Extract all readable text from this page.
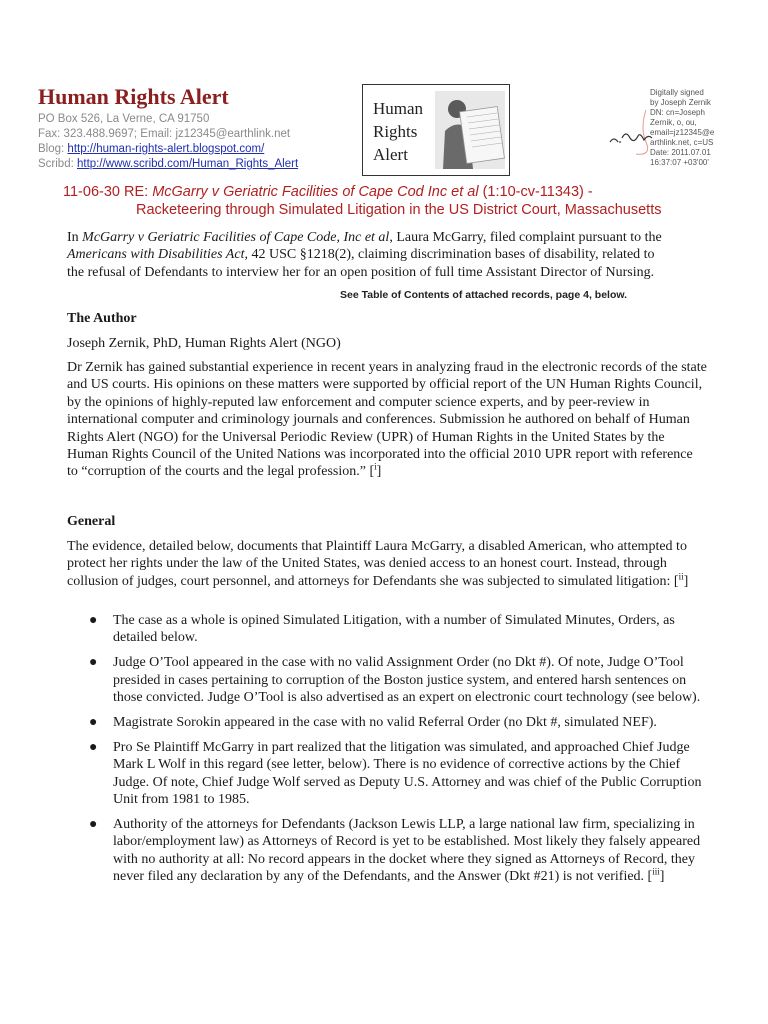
Human Rights Alert
PO Box 526, La Verne, CA 91750
Fax: 323.488.9697; Email: jz12345@earthlink.net
Blog: http://human-rights-alert.blogspot.com/
Scribd: http://www.scribd.com/Human_Rights_Alert
Human
Rights
Alert
Digitally signed
by Joseph Zernik
DN: cn=Joseph
Zernik, o, ou,
email=jz12345@e
arthlink.net, c=US
Date: 2011.07.01
16:37:07 +03'00'
11-06-30 RE: McGarry v Geriatric Facilities of Cape Cod Inc et al (1:10-cv-11343) -
Racketeering through Simulated Litigation in the US District Court, Massachusetts
In McGarry v Geriatric Facilities of Cape Code, Inc et al, Laura McGarry, filed complaint pursuant to the
Americans with Disabilities Act, 42 USC §1218(2), claiming discrimination bases of disability, related to
the refusal of Defendants to interview her for an open position of full time Assistant Director of Nursing.
See Table of Contents of attached records, page 4, below.
The Author
Joseph Zernik, PhD, Human Rights Alert (NGO)
Dr Zernik has gained substantial experience in recent years in analyzing fraud in the electronic records of the state and US courts. His opinions on these matters were supported by official report of the UN Human Rights Council, by the opinions of highly-reputed law enforcement and computer science experts, and by peer-review in international computer and criminology journals and conferences. Submission he authored on behalf of Human Rights Alert (NGO) for the Universal Periodic Review (UPR) of Human Rights in the United States by the Human Rights Council of the United Nations was incorporated into the official 2010 UPR report with reference to “corruption of the courts and the legal profession.” [$^i$]
General
The evidence, detailed below, documents that Plaintiff Laura McGarry, a disabled American, who attempted to protect her rights under the law of the United States, was denied access to an honest court. Instead, through collusion of judges, court personnel, and attorneys for Defendants she was subjected to simulated litigation: [$^{ii}$]
● The case as a whole is opined Simulated Litigation, with a number of Simulated Minutes, Orders, as detailed below.
● Judge O’Tool appeared in the case with no valid Assignment Order (no Dkt #). Of note, Judge O’Tool presided in cases pertaining to corruption of the Boston justice system, and entered harsh sentences on those convicted. Judge O’Tool is also advertised as an expert on electronic court technology (see below).
● Magistrate Sorokin appeared in the case with no valid Referral Order (no Dkt #, simulated NEF).
● Pro Se Plaintiff McGarry in part realized that the litigation was simulated, and approached Chief Judge Mark L Wolf in this regard (see letter, below). There is no evidence of corrective actions by the Chief Judge. Of note, Chief Judge Wolf served as Deputy U.S. Attorney and was chief of the Public Corruption Unit from 1981 to 1985.
● Authority of the attorneys for Defendants (Jackson Lewis LLP, a large national law firm, specializing in labor/employment law) as Attorneys of Record is yet to be established. Most likely they falsely appeared with no authority at all: No record appears in the docket where they signed as Attorneys of Record, they never filed any declaration by any of the Defendants, and the Answer (Dkt #21) is not verified. [$^{iii}$]
